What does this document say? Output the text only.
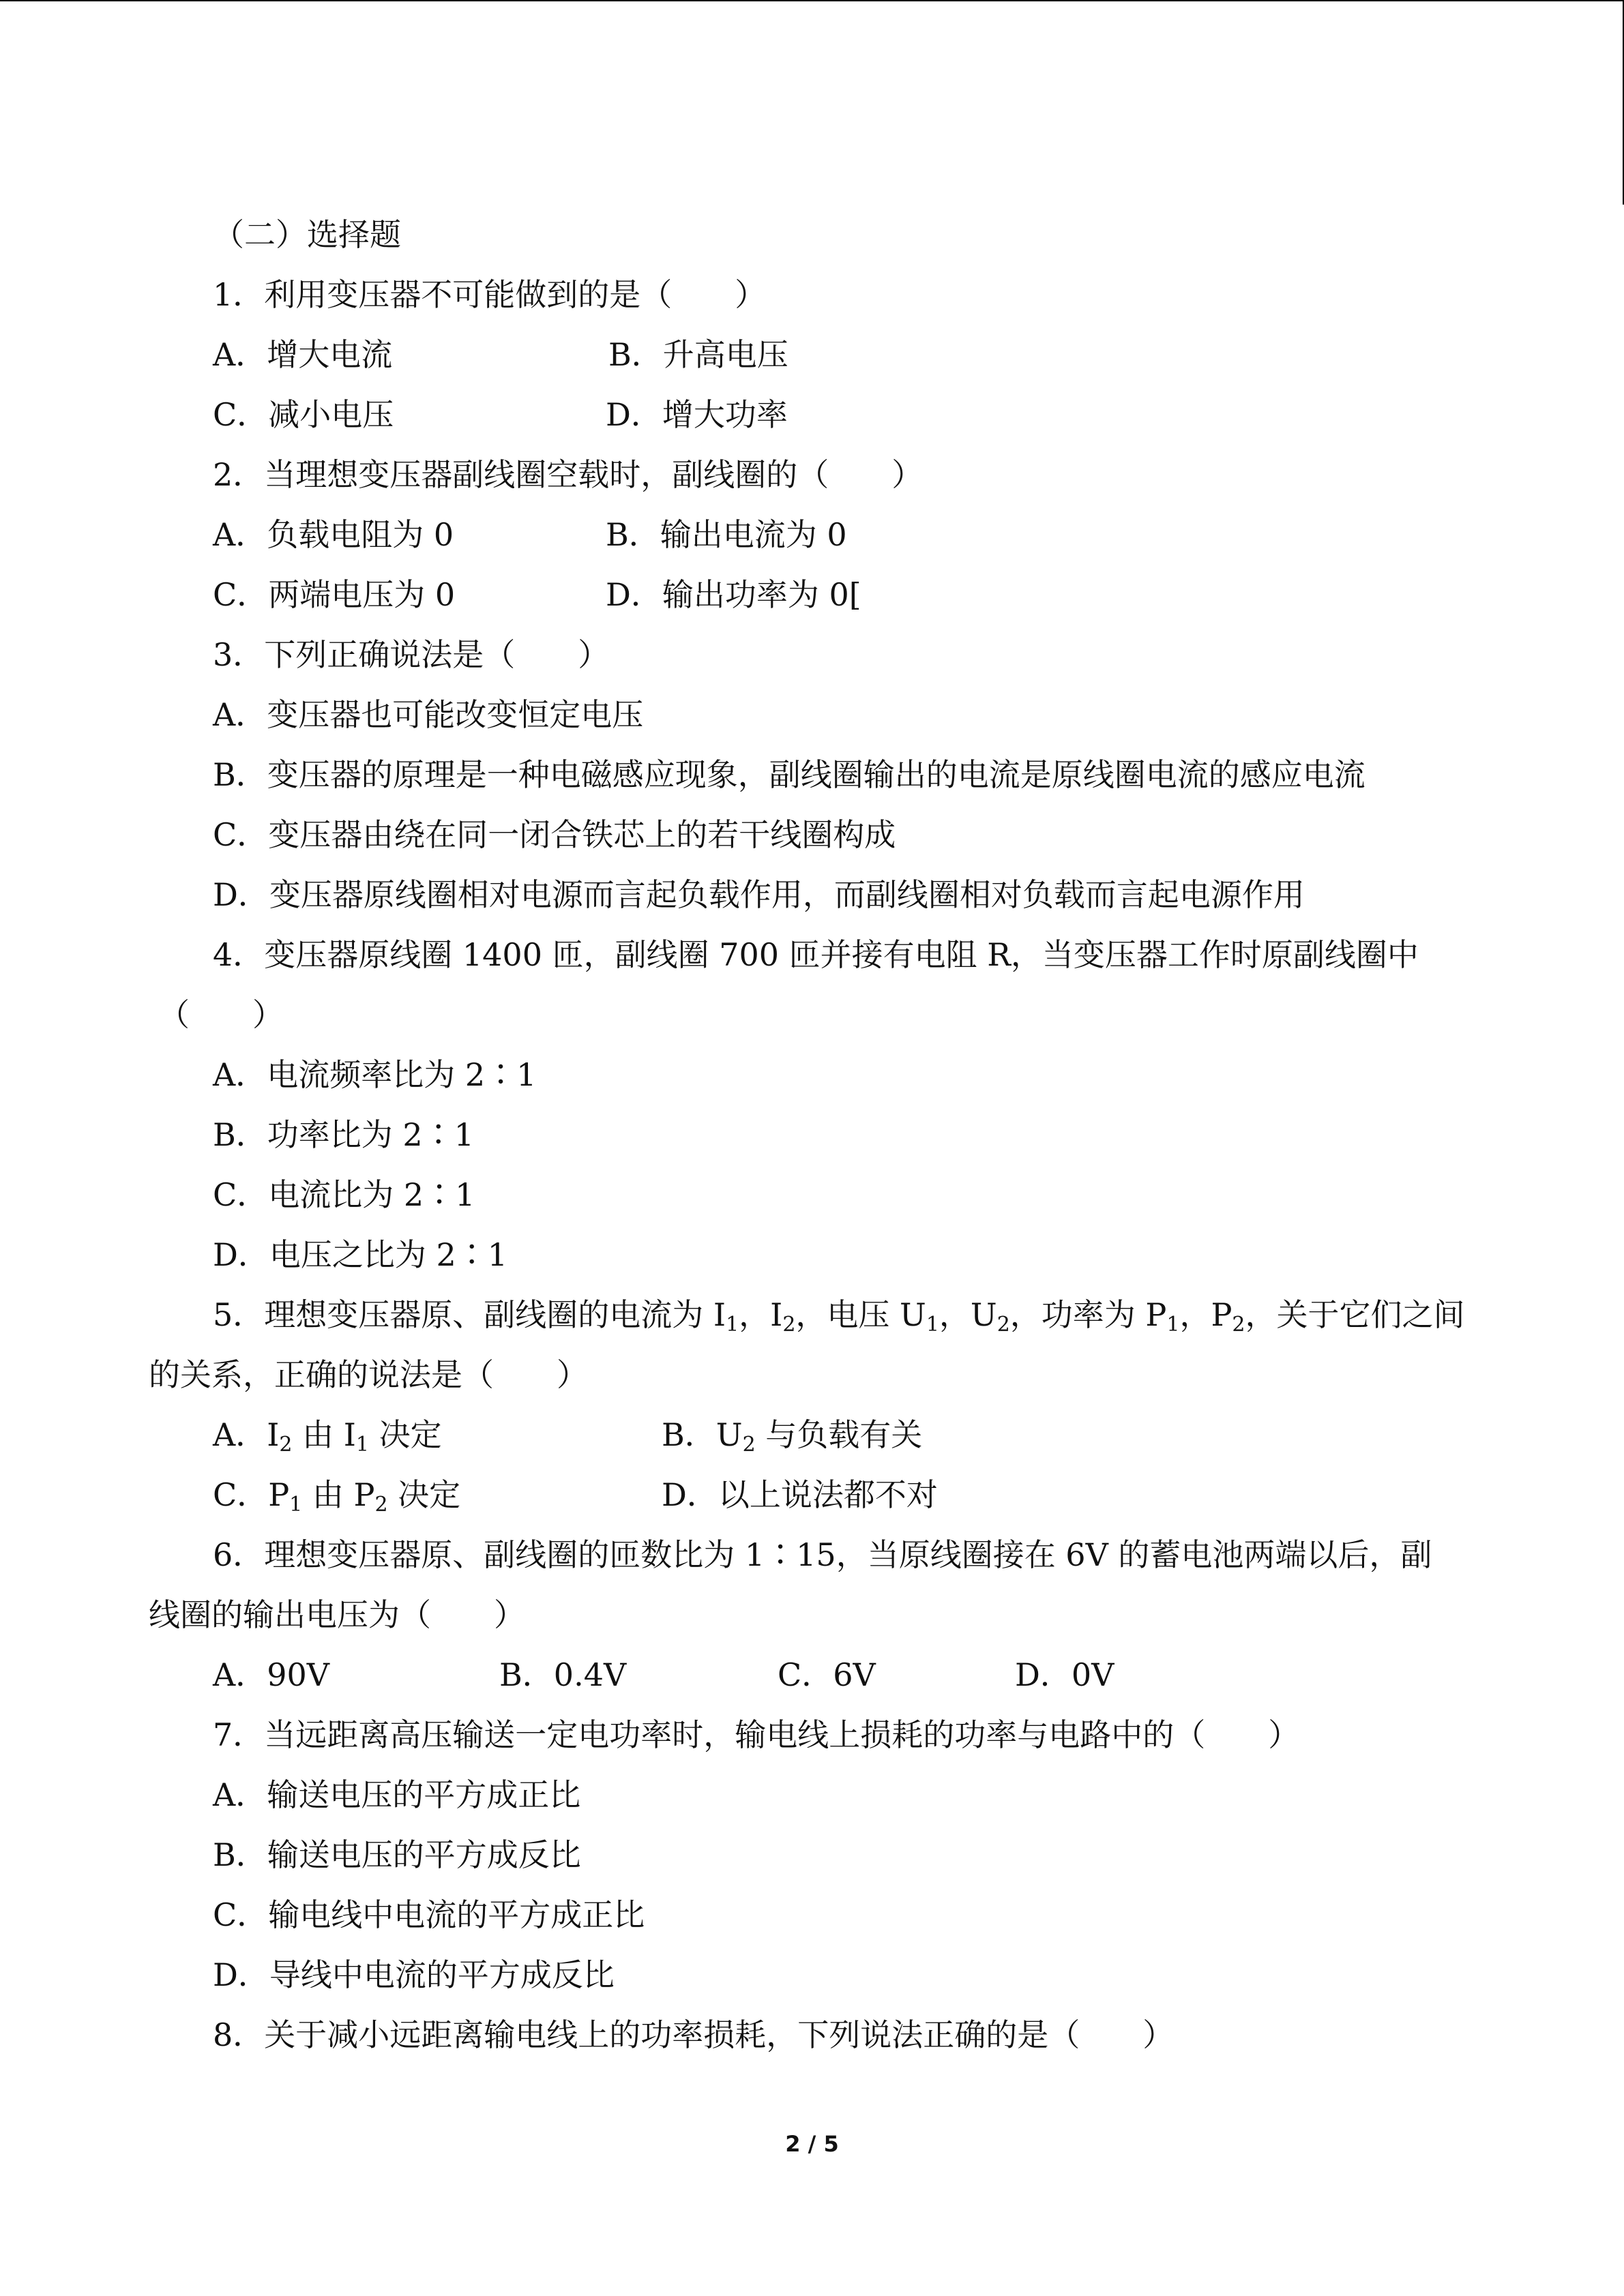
（二）选择题
1．利用变压器不可能做到的是（　　）
A．增大电流	B．升高电压
C．减小电压	D．增大功率
2．当理想变压器副线圈空载时，副线圈的（　　）
A．负载电阻为 0	B．输出电流为 0
C．两端电压为 0	D．输出功率为 0[
3．下列正确说法是（　　）
A．变压器也可能改变恒定电压
B．变压器的原理是一种电磁感应现象，副线圈输出的电流是原线圈电流的感应电流
C．变压器由绕在同一闭合铁芯上的若干线圈构成
D．变压器原线圈相对电源而言起负载作用，而副线圈相对负载而言起电源作用
4．变压器原线圈 1400 匝，副线圈 700 匝并接有电阻 R，当变压器工作时原副线圈中
（　　）
A．电流频率比为 2∶1
B．功率比为 2∶1
C．电流比为 2∶1
D．电压之比为 2∶1
5．理想变压器原、副线圈的电流为 $I_1$，$I_2$，电压 $U_1$，$U_2$，功率为 $P_1$，$P_2$，关于它们之间
的关系，正确的说法是（　　）
A．$I_2$ 由 $I_1$ 决定	B．$U_2$ 与负载有关
C．$P_1$ 由 $P_2$ 决定	D．以上说法都不对
6．理想变压器原、副线圈的匝数比为 1∶15，当原线圈接在 6V 的蓄电池两端以后，副
线圈的输出电压为（　　）
A．90V	B．0.4V	C．6V	D．0V
7．当远距离高压输送一定电功率时，输电线上损耗的功率与电路中的（　　）
A．输送电压的平方成正比
B．输送电压的平方成反比
C．输电线中电流的平方成正比
D．导线中电流的平方成反比
8．关于减小远距离输电线上的功率损耗，下列说法正确的是（　　）
2 / 5
